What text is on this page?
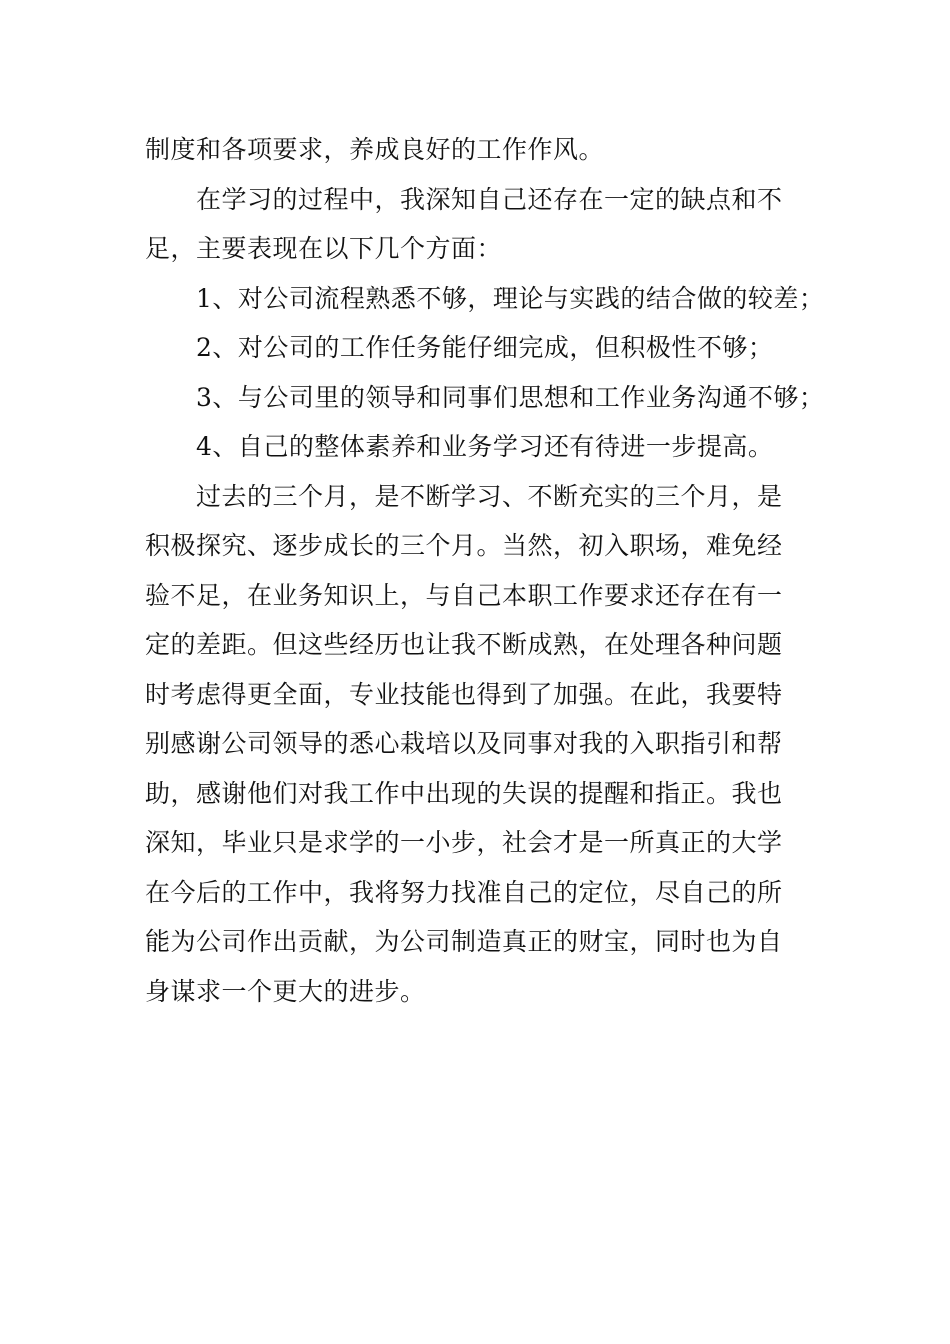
制度和各项要求，养成良好的工作作风。
在学习的过程中，我深知自己还存在一定的缺点和不
足，主要表现在以下几个方面：
1、对公司流程熟悉不够，理论与实践的结合做的较差；
2、对公司的工作任务能仔细完成，但积极性不够；
3、与公司里的领导和同事们思想和工作业务沟通不够；
4、自己的整体素养和业务学习还有待进一步提高。
过去的三个月，是不断学习、不断充实的三个月，是
积极探究、逐步成长的三个月。当然，初入职场，难免经
验不足，在业务知识上，与自己本职工作要求还存在有一
定的差距。但这些经历也让我不断成熟，在处理各种问题
时考虑得更全面，专业技能也得到了加强。在此，我要特
别感谢公司领导的悉心栽培以及同事对我的入职指引和帮
助，感谢他们对我工作中出现的失误的提醒和指正。我也
深知，毕业只是求学的一小步，社会才是一所真正的大学
在今后的工作中，我将努力找准自己的定位，尽自己的所
能为公司作出贡献，为公司制造真正的财宝，同时也为自
身谋求一个更大的进步。
